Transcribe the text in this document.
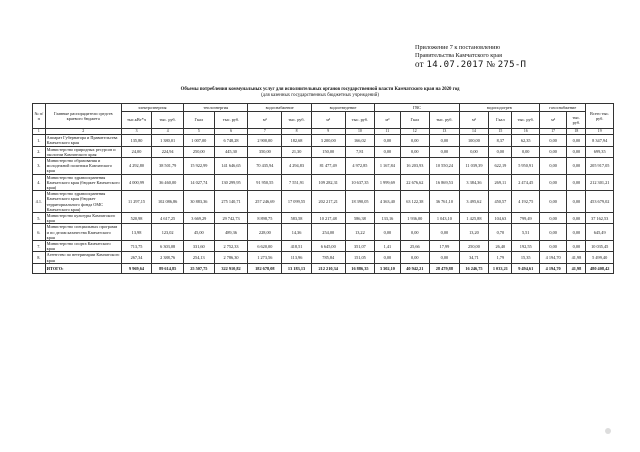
Приложение 7 к постановлению
Правительства Камчатского края
от 14.07.2017 № 275-П
Объемы потребления коммунальных услуг для исполнительных органов государственной власти Камчатского края на 2020 год
(для казенных государственных бюджетных учреждений)
№ п/п	Главные распорядители средств краевого бюджета	электроэнергия		теплоэнергия		водоснабжение		водоотведение		ГВС			водоподогрев			газоснабжение		Всего тыс. руб.
		тыс.кВт*ч	тыс. руб.	Гкал	тыс. руб.	м³	тыс. руб.	м³	тыс. руб.	м³	Гкал	тыс. руб.	м³	Гкал	тыс. руб.	м³	тыс. руб.	
1	2	3	4	5	6	7	8	9	10	11	12	13	14	15	16	17	18	19
1.	Аппарат Губернатора и Правительства Камчатского края	135,80	1 380,01	1 007,00	6 748,28	2 900,00	182,68	3 200,00	166,02	0,00	0,00	0,00	100,00	8,37	62,35	0,00	0,00	8 347,94
2.	Министерство природных ресурсов и экологии Камчатского края	24,00	224,94	250,00	445,30	350,00	21,30	150,00	7,81	0,00	0,00	0,00	0,00	0,00	0,00	0,00	0,00	699,35
3.	Министерство образования и молодежной политики Камчатского края	4 292,80	38 501,79	15 922,99	141 646,65	70 435,94	4 294,83	81 477,49	4 972,85	1 167,84	16 203,93	10 550,24	11 039,39	622,19	5 950,91	0,00	0,00	205 917,05
4.	Министерство здравоохранения Камчатского края (бюджет Камчатского края)	4 000,99	36 460,00	14 027,74	130 299,95	91 950,55	7 551,91	109 282,31	10 637,35	1 999,69	22 676,62	16 869,53	3 384,36	269,11	2 474,45	0,00	0,00	212 301,21
4.1.	Министерство здравоохранения Камчатского края (бюджет территориального фонда ОМС Камчатского края)	11 297,15	102 086,86	30 883,36	275 140,71	257 246,69	17 099,55	202 217,21	18 390,05	4 363,40	63 122,38	36 761,10	3 495,62	450,57	4 192,75	0,00	0,00	453 679,02
5.	Министерство культуры Камчатского края	520,98	4 617,25	3 669,29	29 742,73	8 898,75	583,58	10 217,48	586,38	133,16	1 936,00	1 043,10	1 425,88	104,63	799,49	0,00	0,00	37 162,53
6.	Министерство специальных программ и по делам казачества Камчатского края	13,98	123,02	45,00	489,36	228,00	14,36	254,00	13,22	0,00	0,00	0,00	13,20	0,70	5,51	0,00	0,00	645,49
7.	Министерство спорта Камчатского края	713,75	6 303,08	331,60	2 752,33	6 620,00	418,51	6 645,00	351,07	1,41	25,66	17,99	250,00	26,40	192,55	0,00	0,00	10 035,45
8.	Агентство по ветеринарии Камчатского края	267,34	2 388,76	254,13	2 786,30	1 273,56	113,96	785,84	151,05	0,00	0,00	0,00	34,71	1,79	15,35	4 194,70	41,98	5 499,40
	ИТОГО:	9 969,64	89 614,85	25 507,75	322 910,82	182 678,08	13 183,13	212 210,34	16 886,35	3 302,10	40 942,21	28 479,88	16 246,75	1 033,21	9 494,61	4 194,70	41,98	480 408,42
